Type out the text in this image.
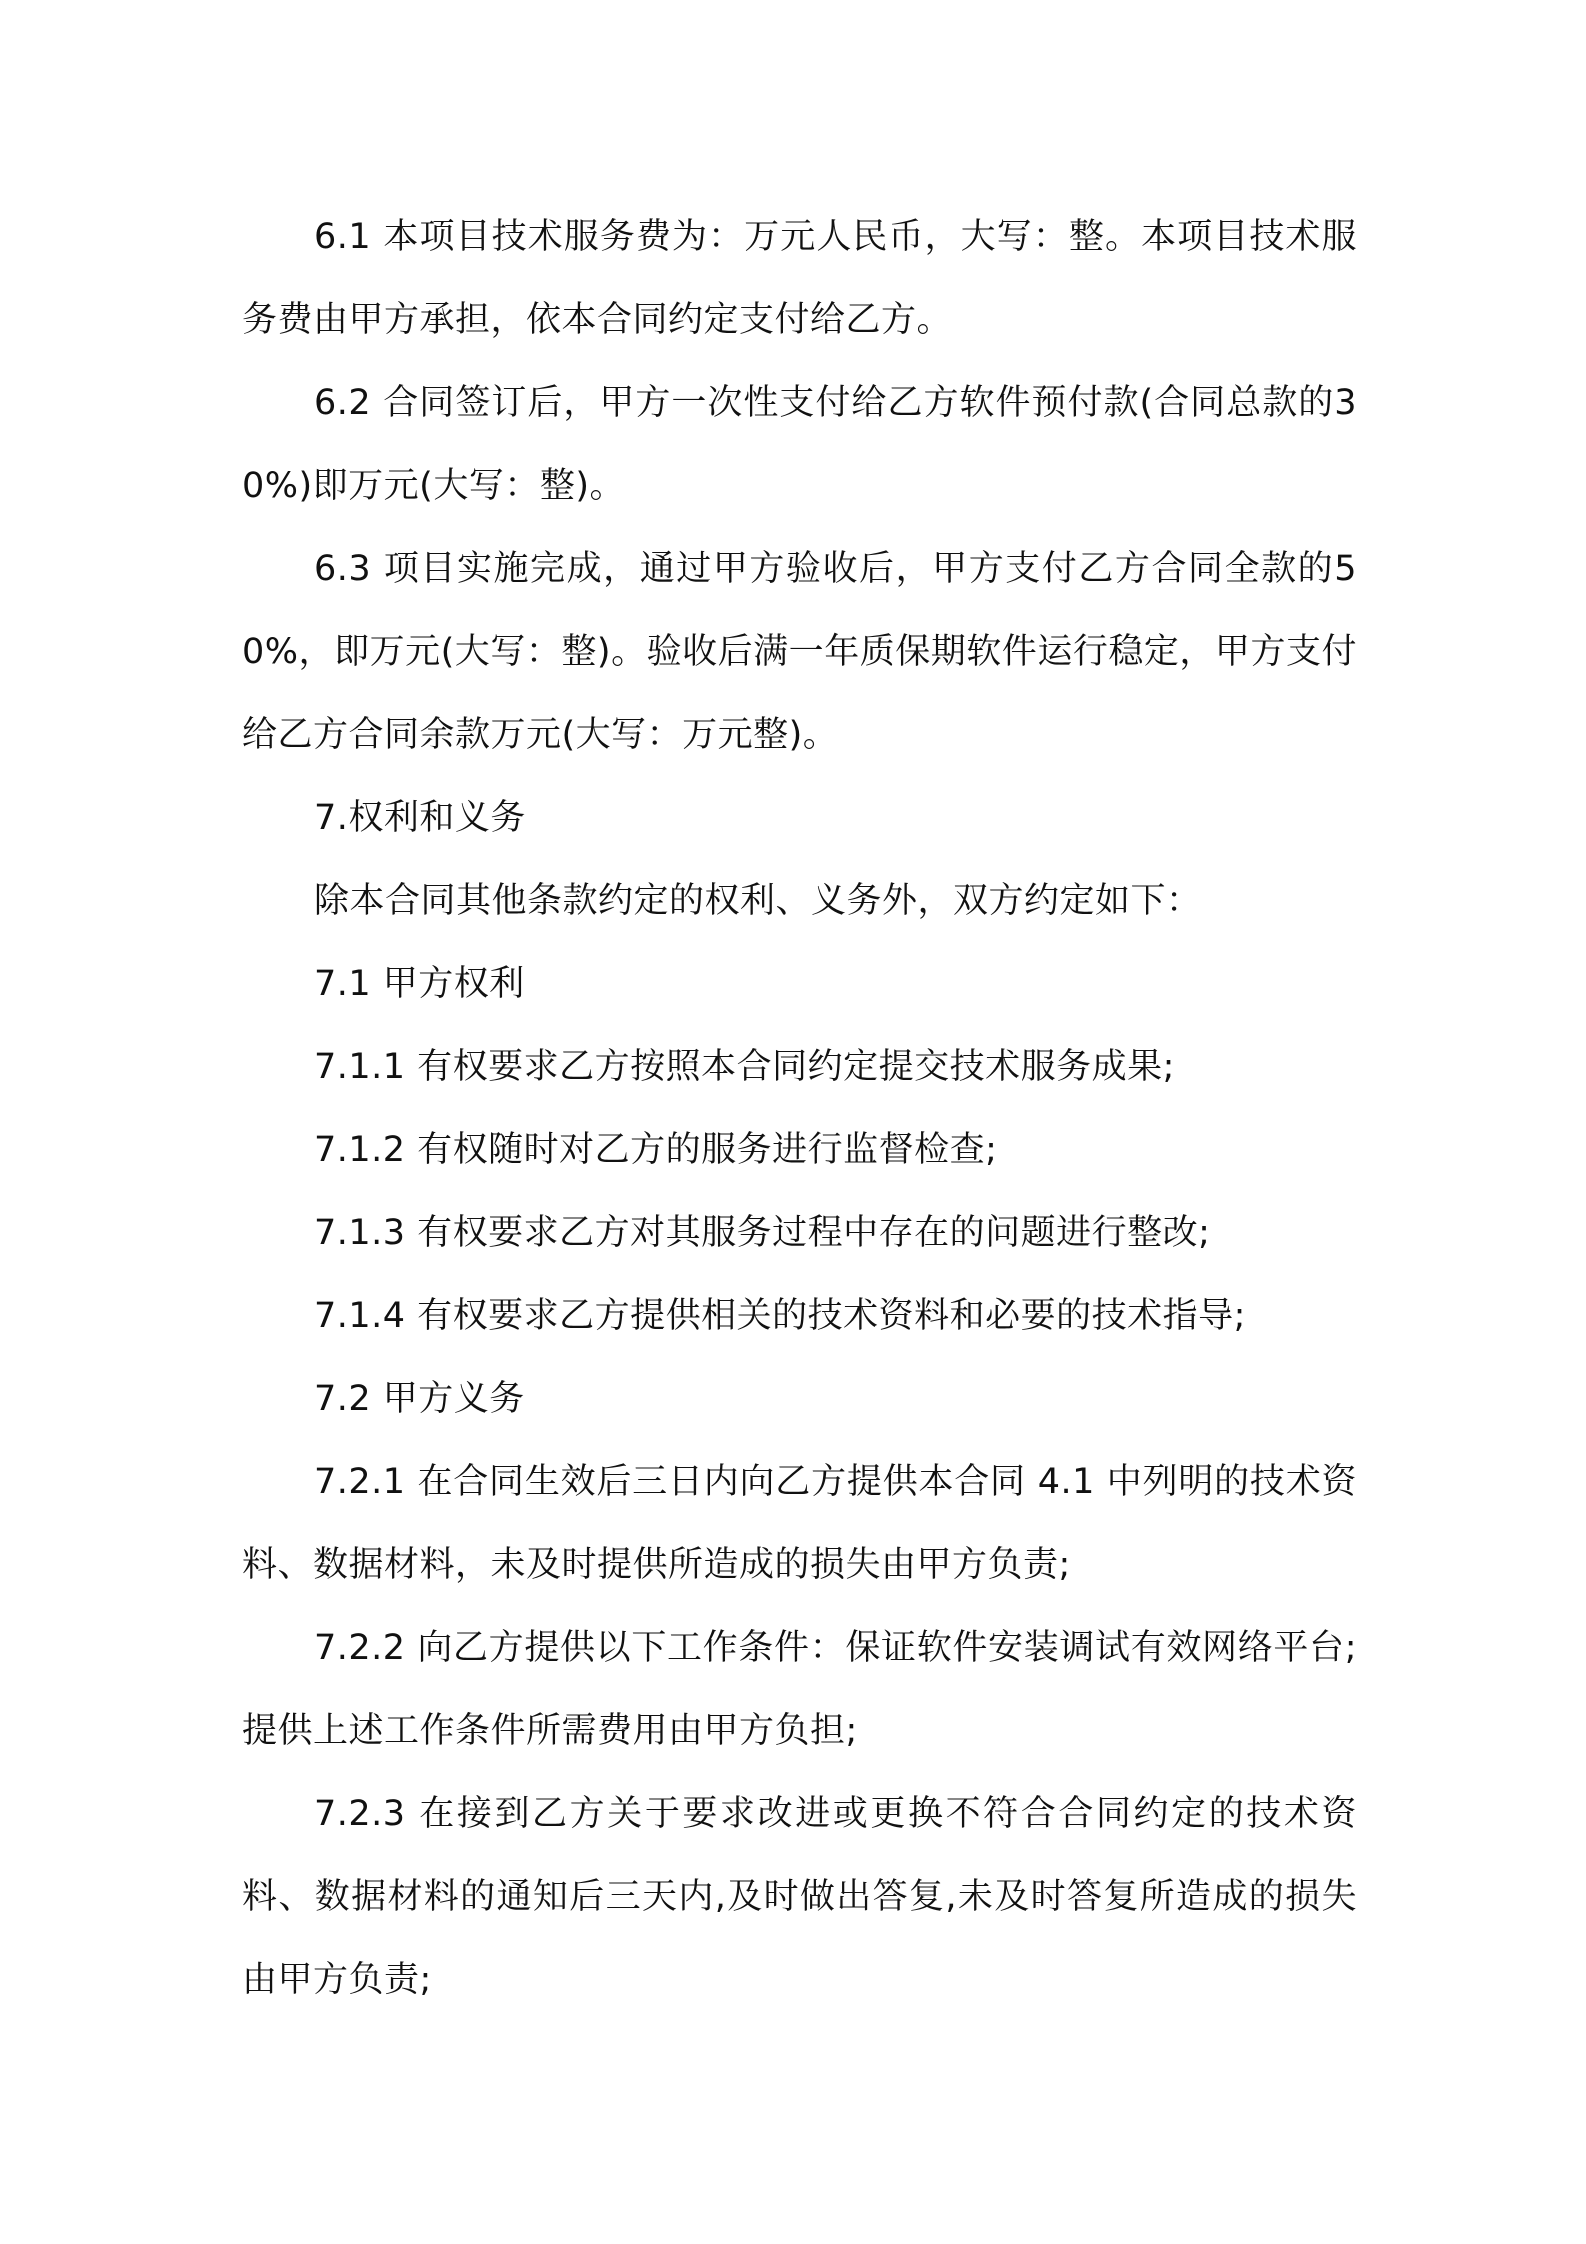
6.1 本项目技术服务费为：万元人民币，大写：整。本项目技术服务费由甲方承担，依本合同约定支付给乙方。

6.2 合同签订后，甲方一次性支付给乙方软件预付款(合同总款的30%)即万元(大写：整)。

6.3 项目实施完成，通过甲方验收后，甲方支付乙方合同全款的50%，即万元(大写：整)。验收后满一年质保期软件运行稳定，甲方支付给乙方合同余款万元(大写：万元整)。

7.权利和义务

除本合同其他条款约定的权利、义务外，双方约定如下：

7.1 甲方权利

7.1.1 有权要求乙方按照本合同约定提交技术服务成果;

7.1.2 有权随时对乙方的服务进行监督检查;

7.1.3 有权要求乙方对其服务过程中存在的问题进行整改;

7.1.4 有权要求乙方提供相关的技术资料和必要的技术指导;

7.2 甲方义务

7.2.1 在合同生效后三日内向乙方提供本合同 4.1 中列明的技术资料、数据材料，未及时提供所造成的损失由甲方负责;

7.2.2 向乙方提供以下工作条件：保证软件安装调试有效网络平台;提供上述工作条件所需费用由甲方负担;

7.2.3 在接到乙方关于要求改进或更换不符合合同约定的技术资料、数据材料的通知后三天内,及时做出答复,未及时答复所造成的损失由甲方负责;
